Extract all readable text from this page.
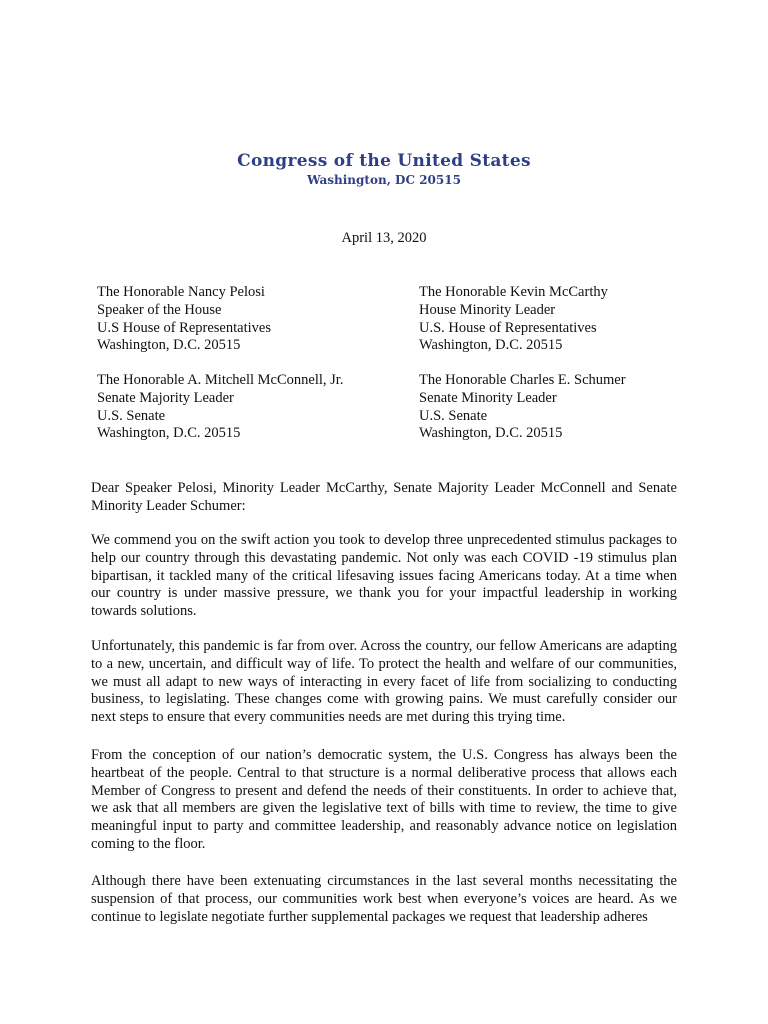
Congress of the United States
Washington, DC 20515
April 13, 2020
The Honorable Nancy Pelosi
Speaker of the House
U.S House of Representatives
Washington, D.C. 20515
The Honorable Kevin McCarthy
House Minority Leader
U.S. House of Representatives
Washington, D.C. 20515
The Honorable A. Mitchell McConnell, Jr.
Senate Majority Leader
U.S. Senate
Washington, D.C. 20515
The Honorable Charles E. Schumer
Senate Minority Leader
U.S. Senate
Washington, D.C. 20515

Dear Speaker Pelosi, Minority Leader McCarthy, Senate Majority Leader McConnell and Senate Minority Leader Schumer:

We commend you on the swift action you took to develop three unprecedented stimulus packages to help our country through this devastating pandemic. Not only was each COVID -19 stimulus plan bipartisan, it tackled many of the critical lifesaving issues facing Americans today. At a time when our country is under massive pressure, we thank you for your impactful leadership in working towards solutions.

Unfortunately, this pandemic is far from over. Across the country, our fellow Americans are adapting to a new, uncertain, and difficult way of life. To protect the health and welfare of our communities, we must all adapt to new ways of interacting in every facet of life from socializing to conducting business, to legislating. These changes come with growing pains. We must carefully consider our next steps to ensure that every communities needs are met during this trying time.

From the conception of our nation’s democratic system, the U.S. Congress has always been the heartbeat of the people. Central to that structure is a normal deliberative process that allows each Member of Congress to present and defend the needs of their constituents. In order to achieve that, we ask that all members are given the legislative text of bills with time to review, the time to give meaningful input to party and committee leadership, and reasonably advance notice on legislation coming to the floor.

Although there have been extenuating circumstances in the last several months necessitating the suspension of that process, our communities work best when everyone’s voices are heard. As we continue to legislate negotiate further supplemental packages we request that leadership adheres
